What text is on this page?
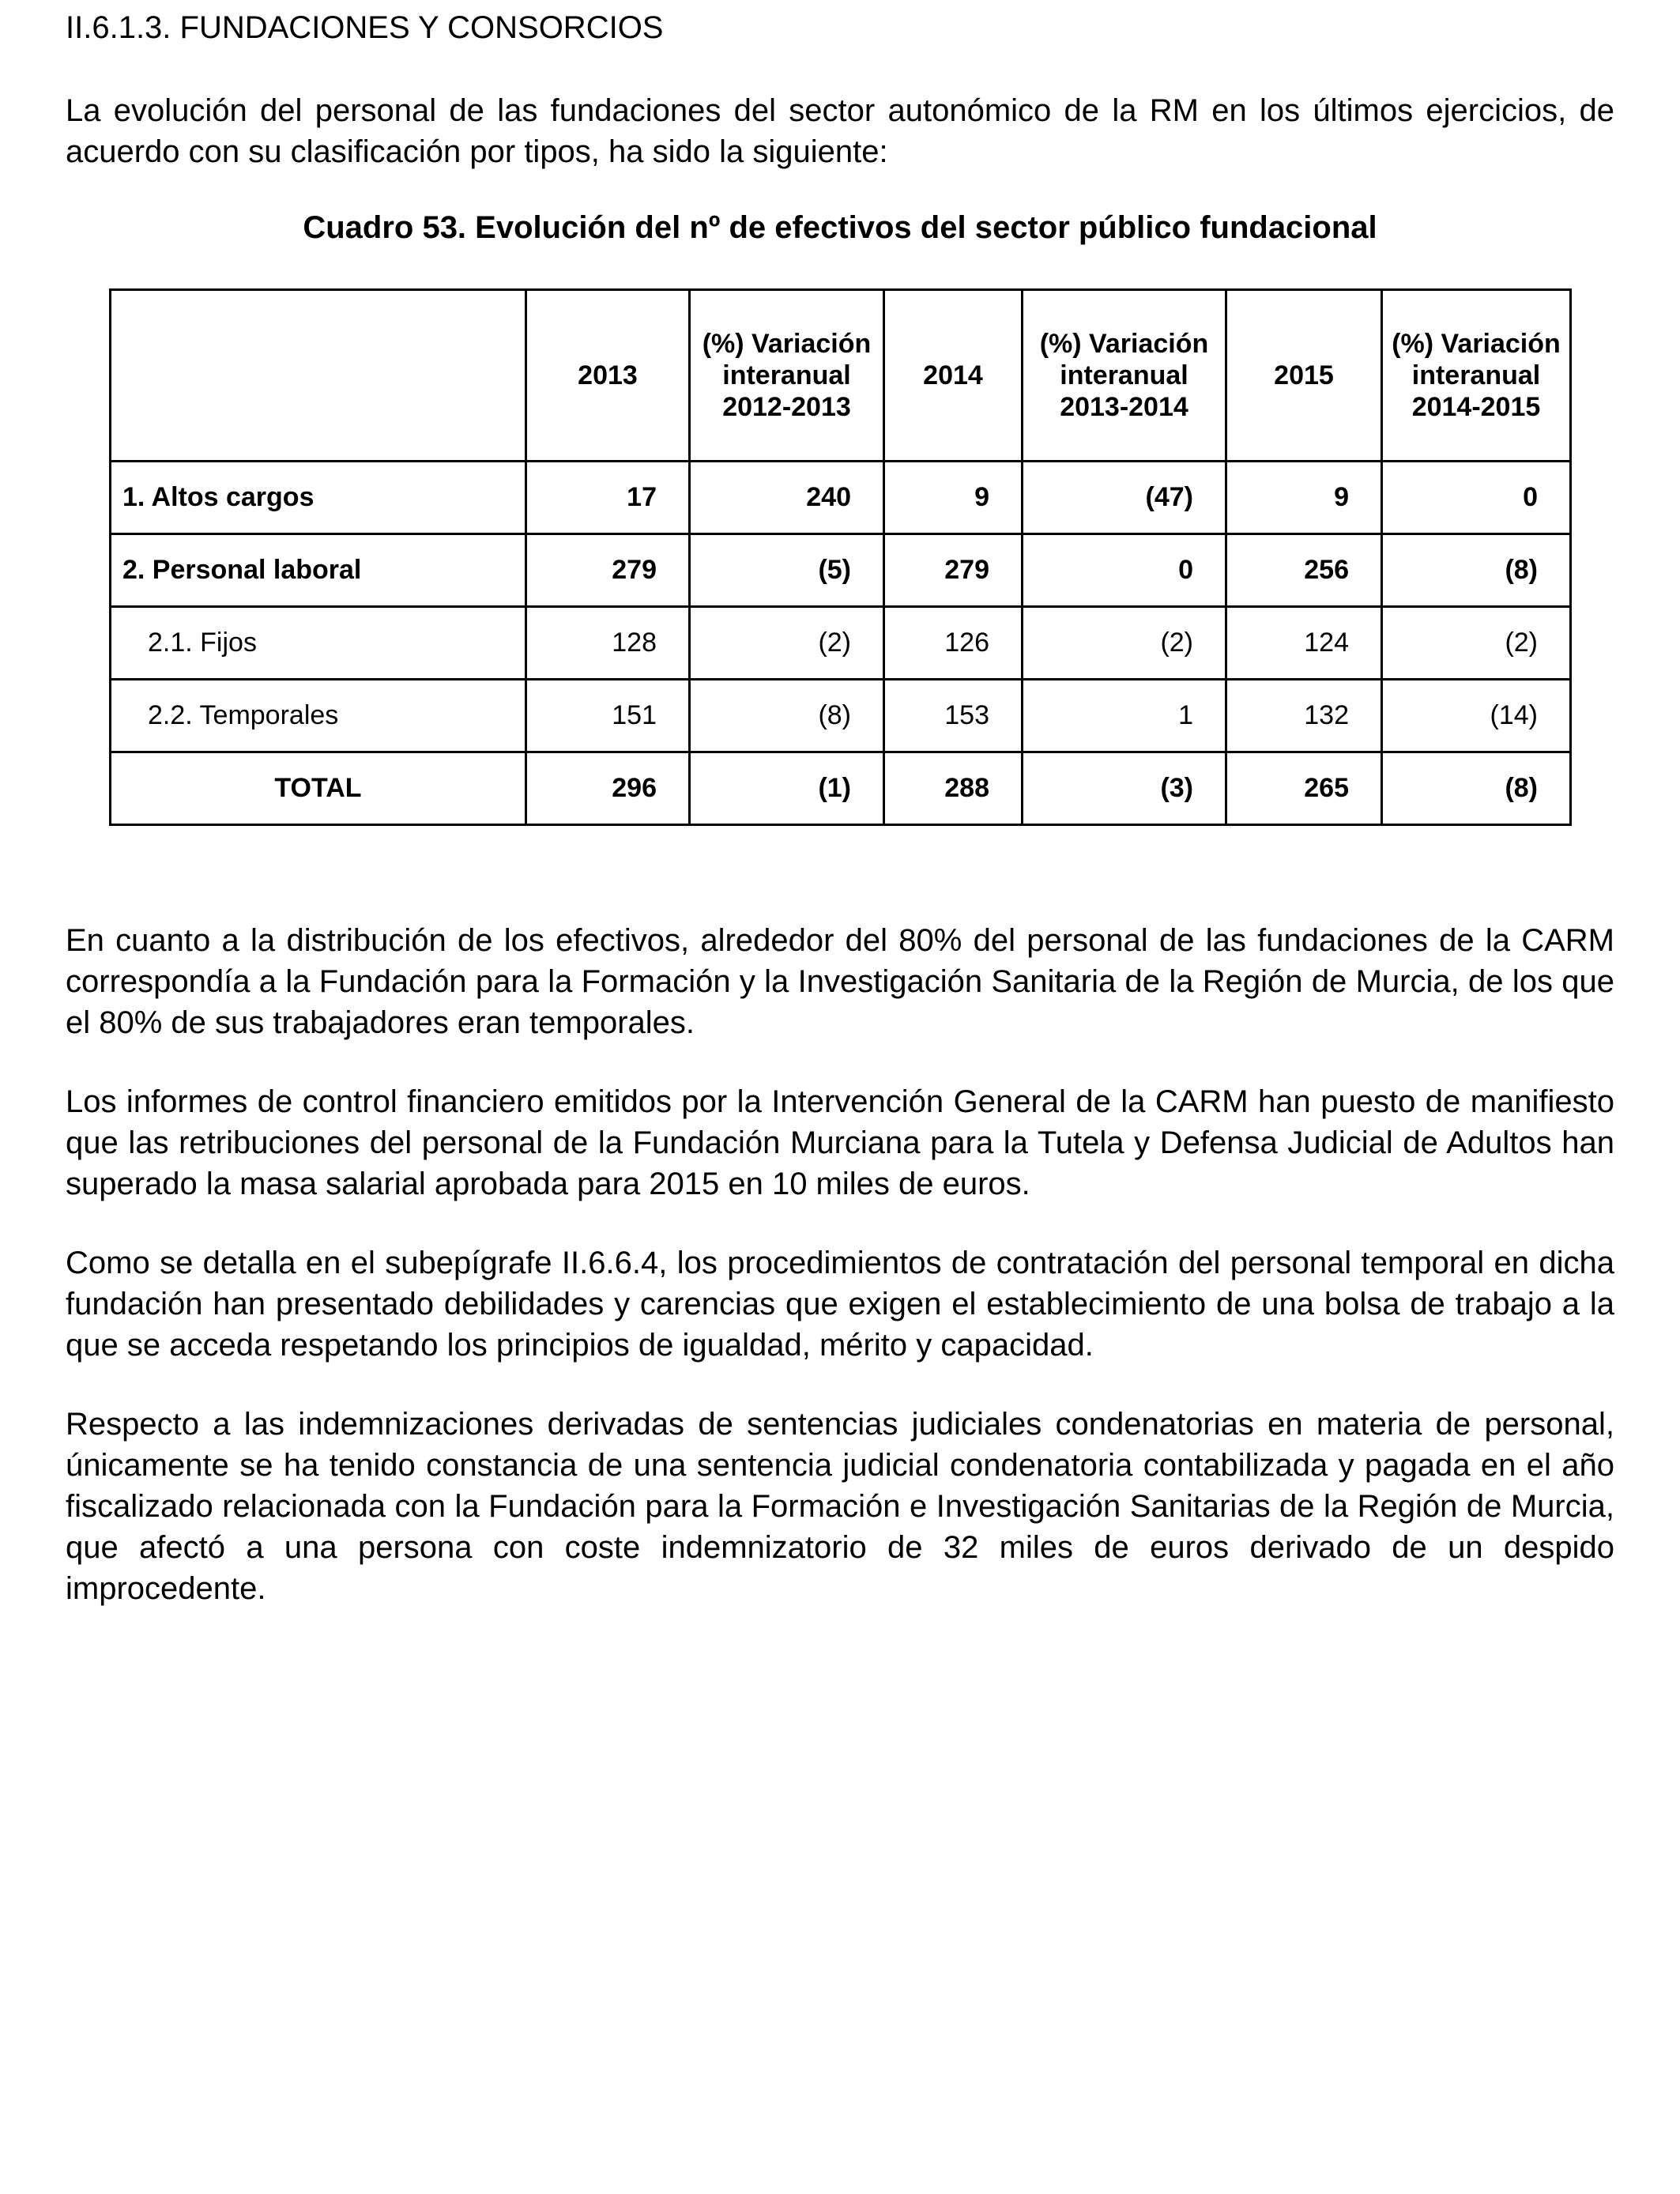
II.6.1.3. FUNDACIONES Y CONSORCIOS

La evolución del personal de las fundaciones del sector autonómico de la RM en los últimos ejercicios, de acuerdo con su clasificación por tipos, ha sido la siguiente:

Cuadro 53. Evolución del nº de efectivos del sector público fundacional
	2013	(%) Variación interanual 2012-2013	2014	(%) Variación interanual 2013-2014	2015	(%) Variación interanual 2014-2015
1. Altos cargos	17	240	9	(47)	9	0
2. Personal laboral	279	(5)	279	0	256	(8)
2.1. Fijos	128	(2)	126	(2)	124	(2)
2.2. Temporales	151	(8)	153	1	132	(14)
TOTAL	296	(1)	288	(3)	265	(8)

En cuanto a la distribución de los efectivos, alrededor del 80% del personal de las fundaciones de la CARM correspondía a la Fundación para la Formación y la Investigación Sanitaria de la Región de Murcia, de los que el 80% de sus trabajadores eran temporales.

Los informes de control financiero emitidos por la Intervención General de la CARM han puesto de manifiesto que las retribuciones del personal de la Fundación Murciana para la Tutela y Defensa Judicial de Adultos han superado la masa salarial aprobada para 2015 en 10 miles de euros.

Como se detalla en el subepígrafe II.6.6.4, los procedimientos de contratación del personal temporal en dicha fundación han presentado debilidades y carencias que exigen el establecimiento de una bolsa de trabajo a la que se acceda respetando los principios de igualdad, mérito y capacidad.

Respecto a las indemnizaciones derivadas de sentencias judiciales condenatorias en materia de personal, únicamente se ha tenido constancia de una sentencia judicial condenatoria contabilizada y pagada en el año fiscalizado relacionada con la Fundación para la Formación e Investigación Sanitarias de la Región de Murcia, que afectó a una persona con coste indemnizatorio de 32 miles de euros derivado de un despido improcedente.
